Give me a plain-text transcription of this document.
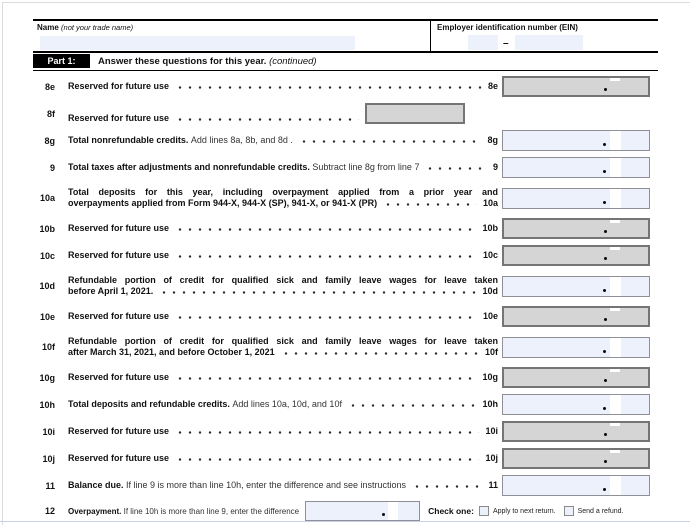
Name (not your trade name)	Employer identification number (EIN)
–
Part 1:	Answer these questions for this year. (continued)
8e Reserved for future use	8e
8f Reserved for future use
8g Total nonrefundable credits. Add lines 8a, 8b, and 8d .	8g
9 Total taxes after adjustments and nonrefundable credits. Subtract line 8g from line 7	9
10a
Total deposits for this year, including overpayment applied from a prior year and
overpayments applied from Form 944-X, 944-X (SP), 941-X, or 941-X (PR)	10a
10b Reserved for future use	10b
10c Reserved for future use	10c
10d
Refundable portion of credit for qualified sick and family leave wages for leave taken
before April 1, 2021.	10d
10e Reserved for future use	10e
10f
Refundable portion of credit for qualified sick and family leave wages for leave taken
after March 31, 2021, and before October 1, 2021	10f
10g Reserved for future use	10g
10h Total deposits and refundable credits. Add lines 10a, 10d, and 10f	10h
10i Reserved for future use	10i
10j Reserved for future use	10j
11 Balance due. If line 9 is more than line 10h, enter the difference and see instructions	11
12 Overpayment. If line 10h is more than line 9, enter the difference	Check one:	Apply to next return.	Send a refund.
